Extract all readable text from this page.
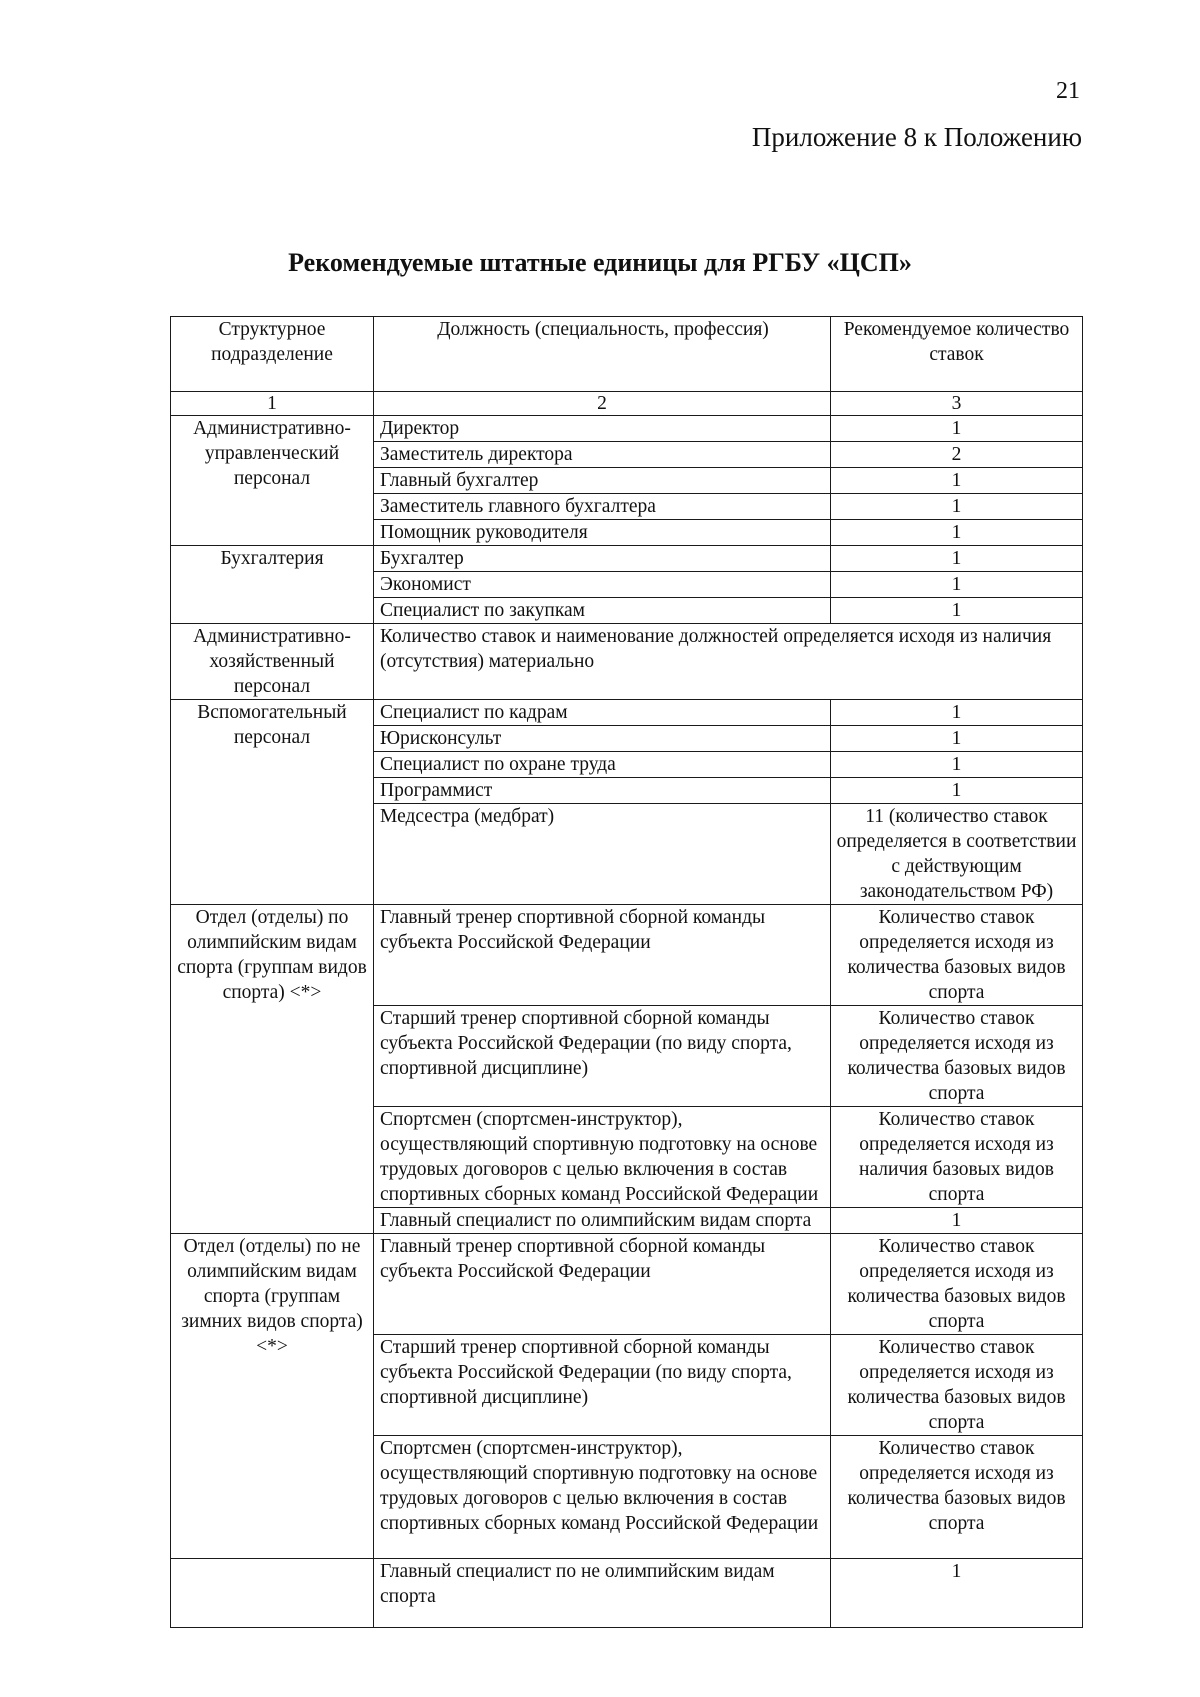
21
Приложение 8 к Положению
Рекомендуемые штатные единицы для РГБУ «ЦСП»
Структурное подразделение	Должность (специальность, профессия)	Рекомендуемое количество ставок
1	2	3
Административно-управленческий персонал	Директор	1
	Заместитель директора	2
	Главный бухгалтер	1
	Заместитель главного бухгалтера	1
	Помощник руководителя	1
Бухгалтерия	Бухгалтер	1
	Экономист	1
	Специалист по закупкам	1
Административно-хозяйственный персонал	Количество ставок и наименование должностей определяется исходя из наличия (отсутствия) материально	
Вспомогательный персонал	Специалист по кадрам	1
	Юрисконсульт	1
	Специалист по охране труда	1
	Программист	1
	Медсестра (медбрат)	11 (количество ставок определяется в соответствии с действующим законодательством РФ)
Отдел (отделы) по олимпийским видам спорта (группам видов спорта) <*>	Главный тренер спортивной сборной команды субъекта Российской Федерации	Количество ставок определяется исходя из количества базовых видов спорта
	Старший тренер спортивной сборной команды субъекта Российской Федерации (по виду спорта, спортивной дисциплине)	Количество ставок определяется исходя из количества базовых видов спорта
	Спортсмен (спортсмен-инструктор), осуществляющий спортивную подготовку на основе трудовых договоров с целью включения в состав спортивных сборных команд Российской Федерации	Количество ставок определяется исходя из наличия базовых видов спорта
	Главный специалист по олимпийским видам спорта	1
Отдел (отделы) по не олимпийским видам спорта (группам зимних видов спорта) <*>	Главный тренер спортивной сборной команды субъекта Российской Федерации	Количество ставок определяется исходя из количества базовых видов спорта
	Старший тренер спортивной сборной команды субъекта Российской Федерации (по виду спорта, спортивной дисциплине)	Количество ставок определяется исходя из количества базовых видов спорта
	Спортсмен (спортсмен-инструктор), осуществляющий спортивную подготовку на основе трудовых договоров с целью включения в состав спортивных сборных команд Российской Федерации	Количество ставок определяется исходя из количества базовых видов спорта
	Главный специалист по не олимпийским видам спорта	1
